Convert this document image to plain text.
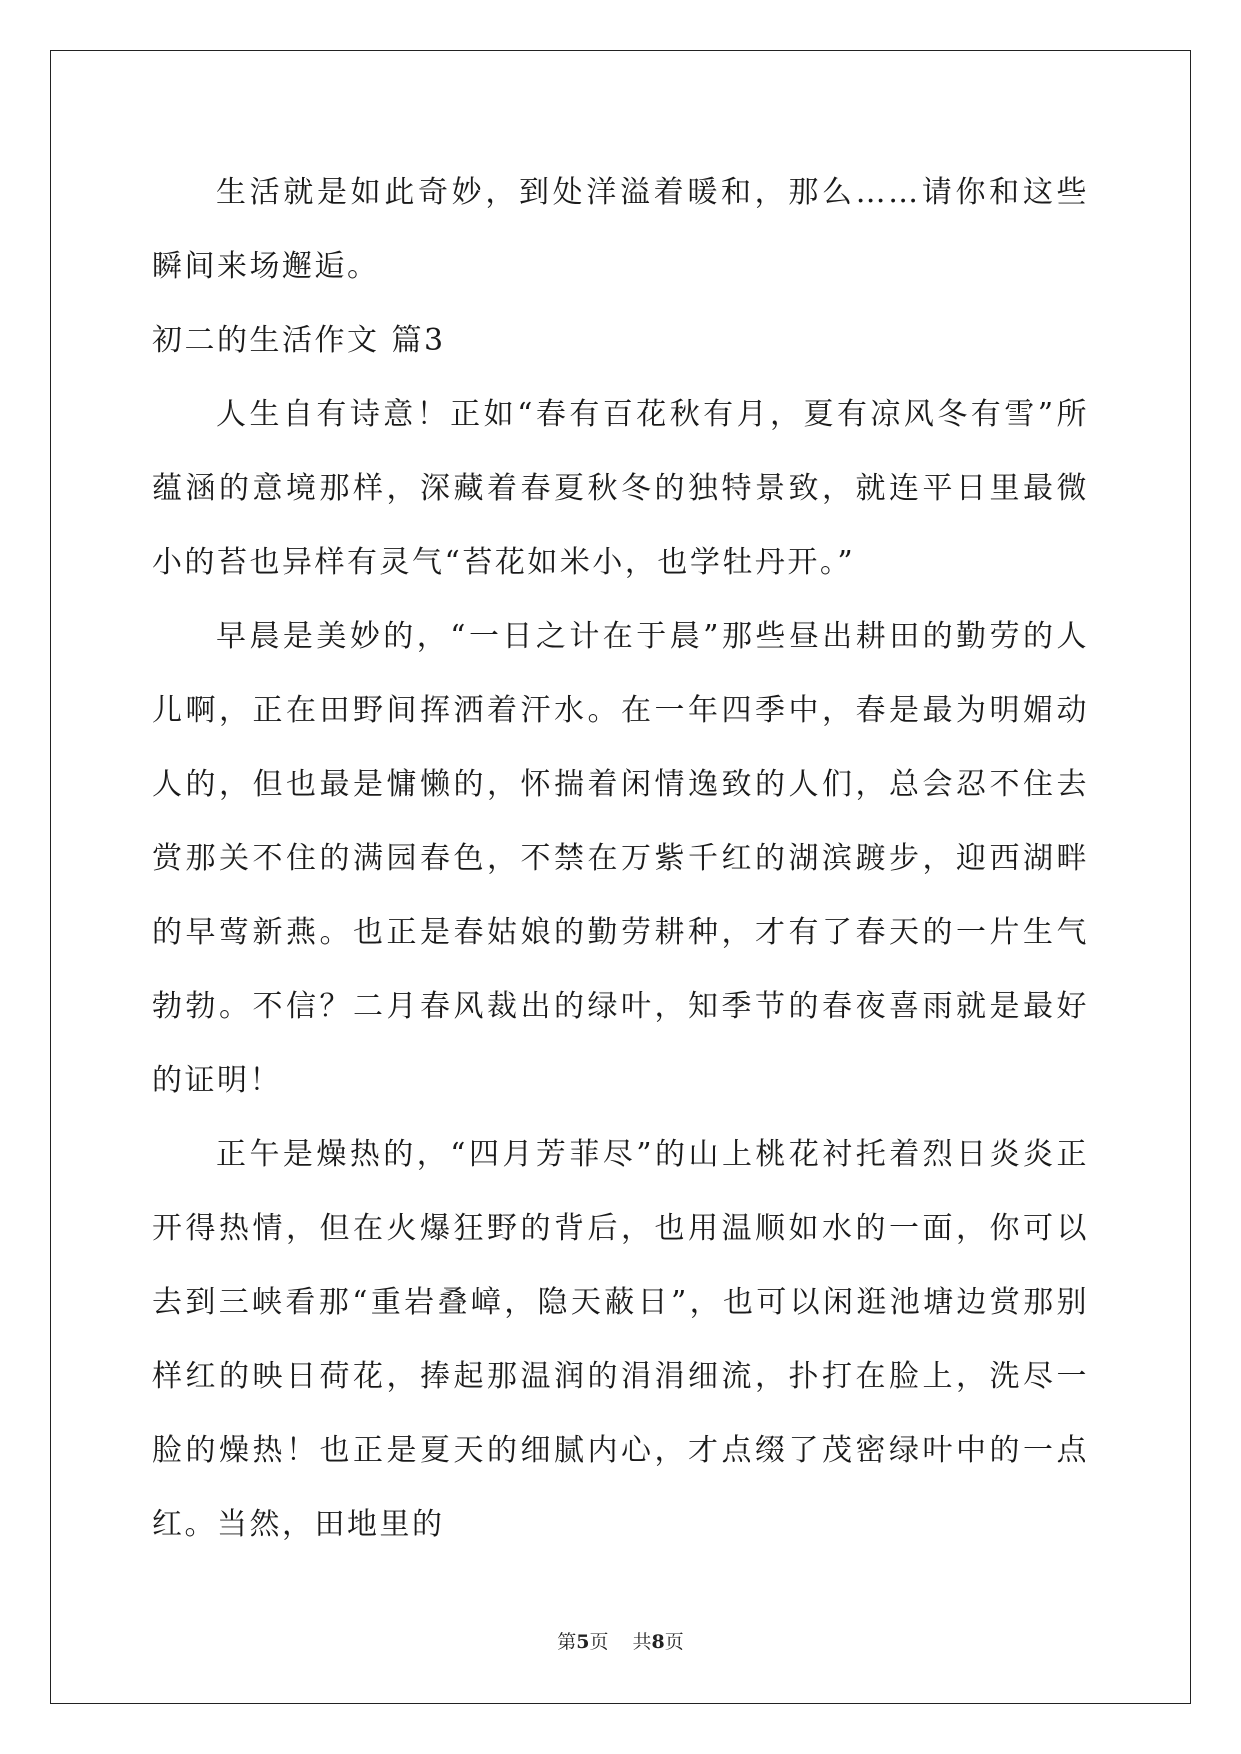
生活就是如此奇妙，到处洋溢着暖和，那么……请你和这些瞬间来场邂逅。

初二的生活作文 篇3

人生自有诗意！正如“春有百花秋有月，夏有凉风冬有雪”所蕴涵的意境那样，深藏着春夏秋冬的独特景致，就连平日里最微小的苔也异样有灵气“苔花如米小，也学牡丹开。”

早晨是美妙的，“一日之计在于晨”那些昼出耕田的勤劳的人儿啊，正在田野间挥洒着汗水。在一年四季中，春是最为明媚动人的，但也最是慵懒的，怀揣着闲情逸致的人们，总会忍不住去赏那关不住的满园春色，不禁在万紫千红的湖滨踱步，迎西湖畔的早莺新燕。也正是春姑娘的勤劳耕种，才有了春天的一片生气勃勃。不信？二月春风裁出的绿叶，知季节的春夜喜雨就是最好的证明！

正午是燥热的，“四月芳菲尽”的山上桃花衬托着烈日炎炎正开得热情，但在火爆狂野的背后，也用温顺如水的一面，你可以去到三峡看那“重岩叠嶂，隐天蔽日”，也可以闲逛池塘边赏那别样红的映日荷花，捧起那温润的涓涓细流，扑打在脸上，洗尽一脸的燥热！也正是夏天的细腻内心，才点缀了茂密绿叶中的一点红。当然，田地里的

第5页 共8页
